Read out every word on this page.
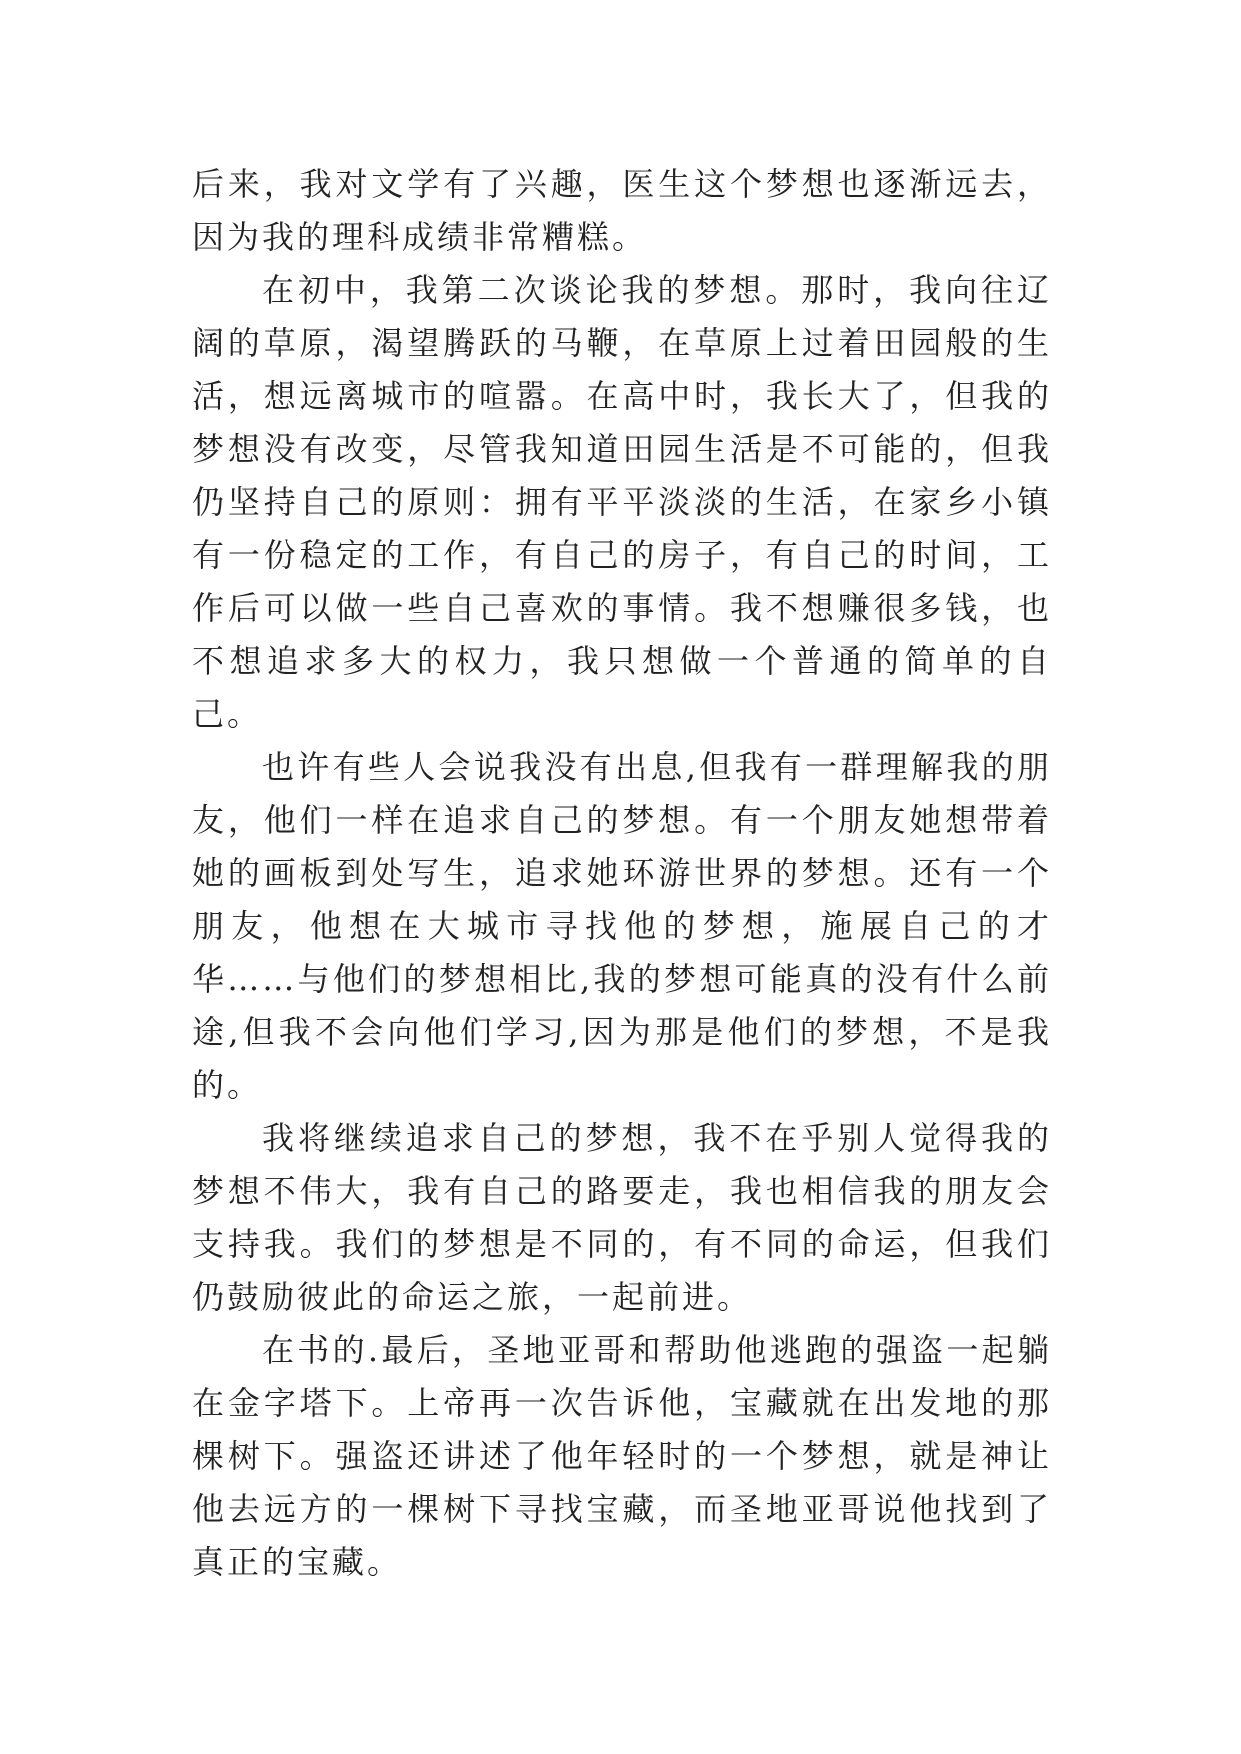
后来，我对文学有了兴趣，医生这个梦想也逐渐远去，因为我的理科成绩非常糟糕。

在初中，我第二次谈论我的梦想。那时，我向往辽阔的草原，渴望腾跃的马鞭，在草原上过着田园般的生活，想远离城市的喧嚣。在高中时，我长大了，但我的梦想没有改变，尽管我知道田园生活是不可能的，但我仍坚持自己的原则：拥有平平淡淡的生活，在家乡小镇有一份稳定的工作，有自己的房子，有自己的时间，工作后可以做一些自己喜欢的事情。我不想赚很多钱，也不想追求多大的权力，我只想做一个普通的简单的自己。

也许有些人会说我没有出息,但我有一群理解我的朋友，他们一样在追求自己的梦想。有一个朋友她想带着她的画板到处写生，追求她环游世界的梦想。还有一个朋友，他想在大城市寻找他的梦想，施展自己的才华……与他们的梦想相比,我的梦想可能真的没有什么前途,但我不会向他们学习,因为那是他们的梦想，不是我的。

我将继续追求自己的梦想，我不在乎别人觉得我的梦想不伟大，我有自己的路要走，我也相信我的朋友会支持我。我们的梦想是不同的，有不同的命运，但我们仍鼓励彼此的命运之旅，一起前进。

在书的.最后，圣地亚哥和帮助他逃跑的强盗一起躺在金字塔下。上帝再一次告诉他，宝藏就在出发地的那棵树下。强盗还讲述了他年轻时的一个梦想，就是神让他去远方的一棵树下寻找宝藏，而圣地亚哥说他找到了真正的宝藏。
